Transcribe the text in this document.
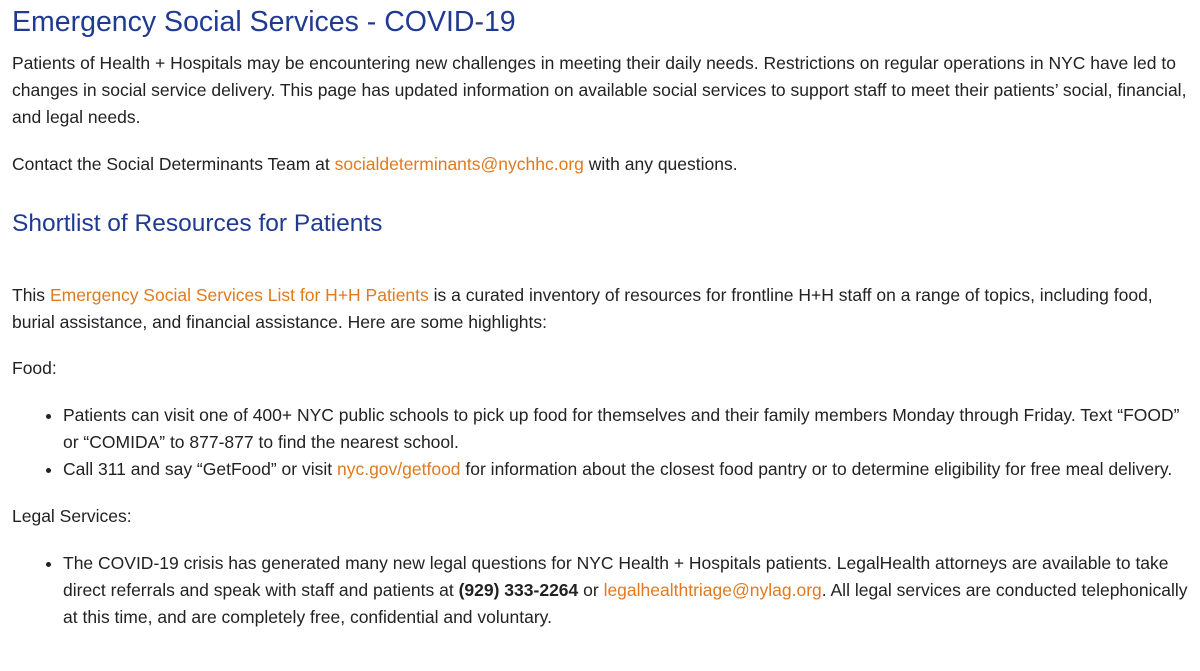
Emergency Social Services - COVID-19

Patients of Health + Hospitals may be encountering new challenges in meeting their daily needs. Restrictions on regular operations in NYC have led to changes in social service delivery. This page has updated information on available social services to support staff to meet their patients’ social, financial, and legal needs.

Contact the Social Determinants Team at socialdeterminants@nychhc.org with any questions.

Shortlist of Resources for Patients

This Emergency Social Services List for H+H Patients is a curated inventory of resources for frontline H+H staff on a range of topics, including food, burial assistance, and financial assistance. Here are some highlights:

Food:

• Patients can visit one of 400+ NYC public schools to pick up food for themselves and their family members Monday through Friday. Text “FOOD” or “COMIDA” to 877-877 to find the nearest school.
• Call 311 and say “GetFood” or visit nyc.gov/getfood for information about the closest food pantry or to determine eligibility for free meal delivery.

Legal Services:

• The COVID-19 crisis has generated many new legal questions for NYC Health + Hospitals patients. LegalHealth attorneys are available to take direct referrals and speak with staff and patients at (929) 333-2264 or legalhealthtriage@nylag.org. All legal services are conducted telephonically at this time, and are completely free, confidential and voluntary.
